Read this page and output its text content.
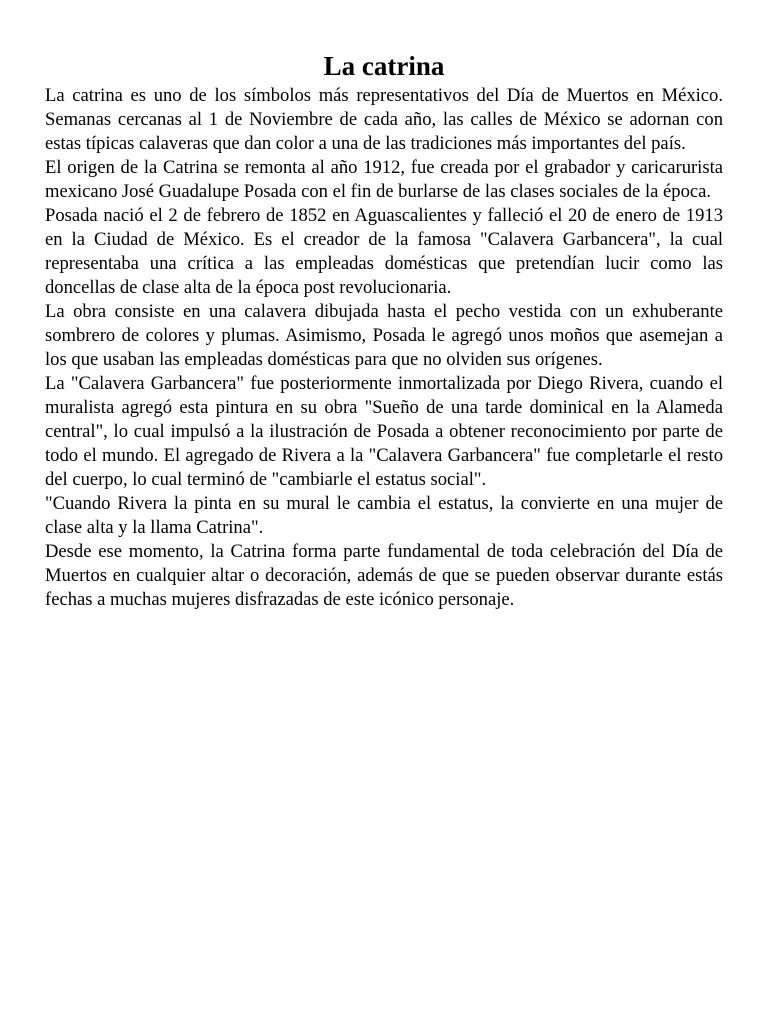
La catrina

La catrina es uno de los símbolos más representativos del Día de Muertos en México. Semanas cercanas al 1 de Noviembre de cada año, las calles de México se adornan con estas típicas calaveras que dan color a una de las tradiciones más importantes del país.

El origen de la Catrina se remonta al año 1912, fue creada por el grabador y caricarurista mexicano José Guadalupe Posada con el fin de burlarse de las clases sociales de la época.

Posada nació el 2 de febrero de 1852 en Aguascalientes y falleció el 20 de enero de 1913 en la Ciudad de México. Es el creador de la famosa "Calavera Garbancera", la cual representaba una crítica a las empleadas domésticas que pretendían lucir como las doncellas de clase alta de la época post revolucionaria.

La obra consiste en una calavera dibujada hasta el pecho vestida con un exhuberante sombrero de colores y plumas. Asimismo, Posada le agregó unos moños que asemejan a los que usaban las empleadas domésticas para que no olviden sus orígenes.

La "Calavera Garbancera" fue posteriormente inmortalizada por Diego Rivera, cuando el muralista agregó esta pintura en su obra "Sueño de una tarde dominical en la Alameda central", lo cual impulsó a la ilustración de Posada a obtener reconocimiento por parte de todo el mundo. El agregado de Rivera a la "Calavera Garbancera" fue completarle el resto del cuerpo, lo cual terminó de "cambiarle el estatus social".

"Cuando Rivera la pinta en su mural le cambia el estatus, la convierte en una mujer de clase alta y la llama Catrina".

Desde ese momento, la Catrina forma parte fundamental de toda celebración del Día de Muertos en cualquier altar o decoración, además de que se pueden observar durante estás fechas a muchas mujeres disfrazadas de este icónico personaje.
